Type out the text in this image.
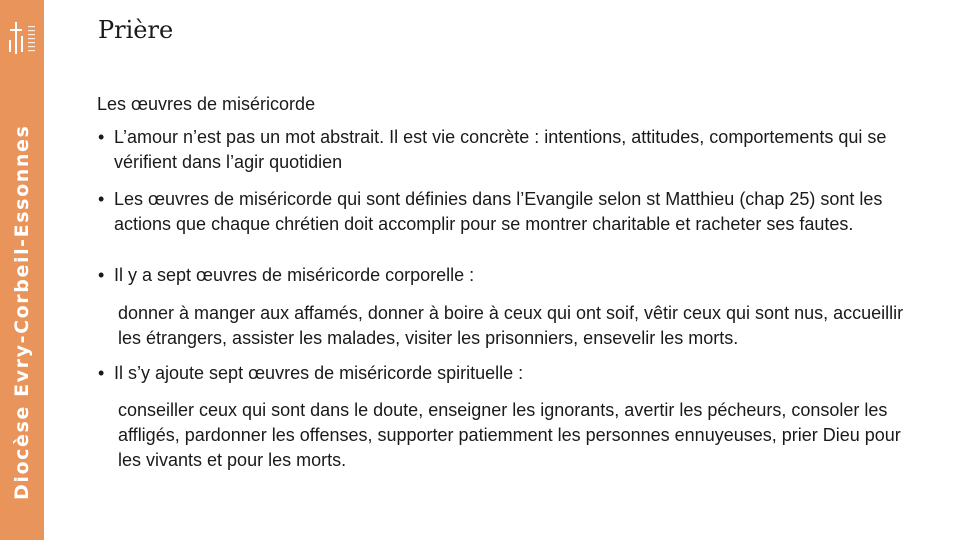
Diocèse Evry-Corbeil-Essonnes
Prière

Les œuvres de miséricorde

• L’amour n’est pas un mot abstrait. Il est vie concrète : intentions, attitudes, comportements qui se vérifient dans l’agir quotidien

• Les œuvres de miséricorde qui sont définies dans l’Evangile selon st Matthieu (chap 25) sont les actions que chaque chrétien doit accomplir pour se montrer charitable et racheter ses fautes.

• Il y a sept œuvres de miséricorde corporelle :

donner à manger aux affamés, donner à boire à ceux qui ont soif, vêtir ceux qui sont nus, accueillir les étrangers, assister les malades, visiter les prisonniers, ensevelir les morts.

• Il s’y ajoute sept œuvres de miséricorde spirituelle :

conseiller ceux qui sont dans le doute, enseigner les ignorants, avertir les pécheurs, consoler les affligés, pardonner les offenses, supporter patiemment les personnes ennuyeuses, prier Dieu pour les vivants et pour les morts.
